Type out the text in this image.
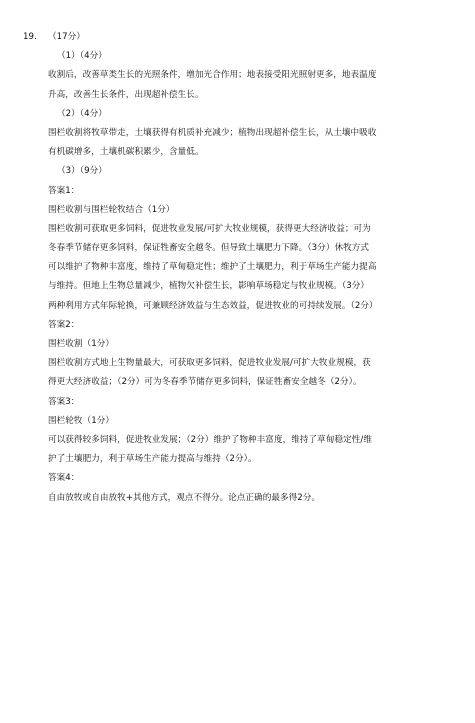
19. （17分）
（1）（4分）
收割后，改善草类生长的光照条件，增加光合作用；地表接受阳光照射更多，地表温度
升高，改善生长条件，出现超补偿生长。
（2）（4分）
围栏收割将牧草带走，土壤获得有机质补充减少；植物出现超补偿生长，从土壤中吸收
有机碳增多，土壤机碳积累少，含量低。
（3）（9分）
答案1：
围栏收割与围栏轮牧结合（1分）
围栏收割可获取更多饲料，促进牧业发展/可扩大牧业规模，获得更大经济收益；可为
冬春季节储存更多饲料，保证牲畜安全越冬。但导致土壤肥力下降。（3分）休牧方式
可以维护了物种丰富度，维持了草甸稳定性；维护了土壤肥力，利于草场生产能力提高
与维持。但地上生物总量减少，植物欠补偿生长，影响草场稳定与牧业规模。（3分）
两种利用方式年际轮换，可兼顾经济效益与生态效益，促进牧业的可持续发展。（2分）
答案2：
围栏收割（1分）
围栏收割方式地上生物量最大，可获取更多饲料，促进牧业发展/可扩大牧业规模，获
得更大经济收益；（2分）可为冬春季节储存更多饲料，保证牲畜安全越冬（2分）。
答案3：
围栏轮牧（1分）
可以获得较多饲料，促进牧业发展；（2分）维护了物种丰富度，维持了草甸稳定性/维
护了土壤肥力，利于草场生产能力提高与维持（2分）。
答案4：
自由放牧或自由放牧+其他方式，观点不得分。论点正确的最多得2分。
